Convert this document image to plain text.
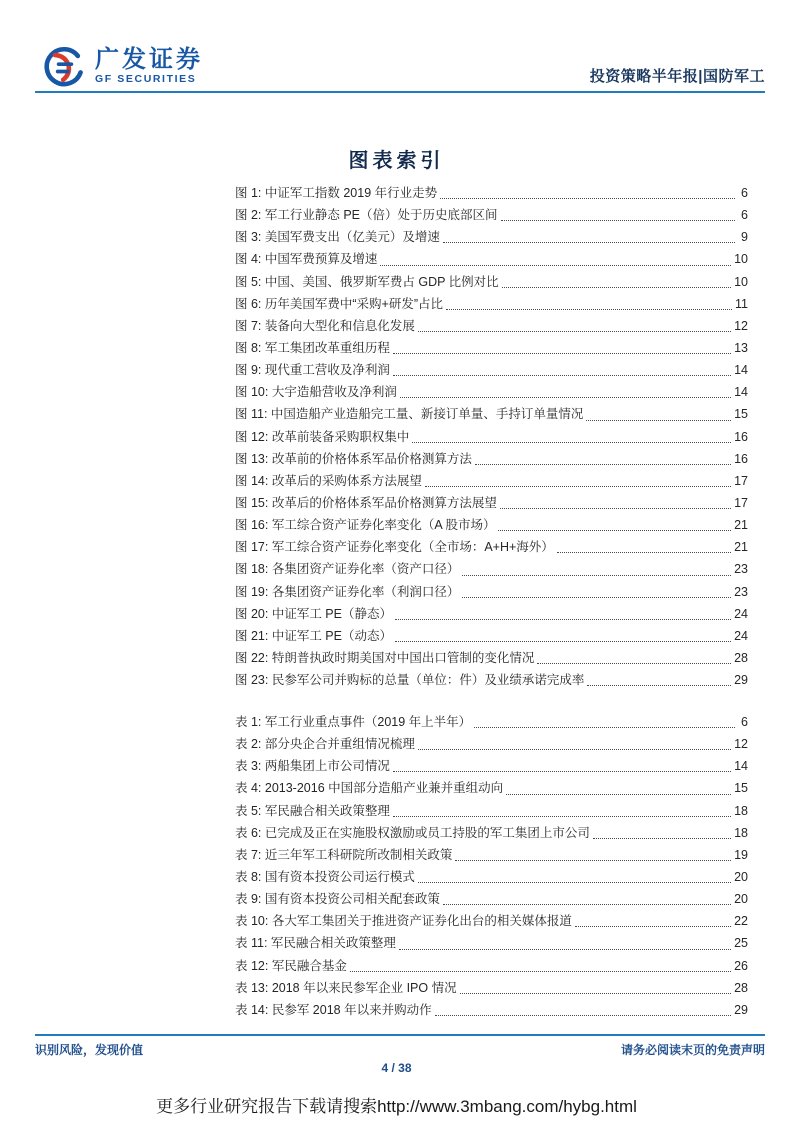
广发证券
GF SECURITIES	投资策略半年报|国防军工
图表索引
图 1: 中证军工指数 2019 年行业走势	6
图 2: 军工行业静态 PE（倍）处于历史底部区间	6
图 3: 美国军费支出（亿美元）及增速	9
图 4: 中国军费预算及增速	10
图 5: 中国、美国、俄罗斯军费占 GDP 比例对比	10
图 6: 历年美国军费中“采购+研发”占比	11
图 7: 装备向大型化和信息化发展	12
图 8: 军工集团改革重组历程	13
图 9: 现代重工营收及净利润	14
图 10: 大宇造船营收及净利润	14
图 11: 中国造船产业造船完工量、新接订单量、手持订单量情况	15
图 12: 改革前装备采购职权集中	16
图 13: 改革前的价格体系军品价格测算方法	16
图 14: 改革后的采购体系方法展望	17
图 15: 改革后的价格体系军品价格测算方法展望	17
图 16: 军工综合资产证券化率变化（A 股市场）	21
图 17: 军工综合资产证券化率变化（全市场：A+H+海外）	21
图 18: 各集团资产证券化率（资产口径）	23
图 19: 各集团资产证券化率（利润口径）	23
图 20: 中证军工 PE（静态）	24
图 21: 中证军工 PE（动态）	24
图 22: 特朗普执政时期美国对中国出口管制的变化情况	28
图 23: 民参军公司并购标的总量（单位：件）及业绩承诺完成率	29
表 1: 军工行业重点事件（2019 年上半年）	6
表 2: 部分央企合并重组情况梳理	12
表 3: 两船集团上市公司情况	14
表 4: 2013-2016 中国部分造船产业兼并重组动向	15
表 5: 军民融合相关政策整理	18
表 6: 已完成及正在实施股权激励或员工持股的军工集团上市公司	18
表 7: 近三年军工科研院所改制相关政策	19
表 8: 国有资本投资公司运行模式	20
表 9: 国有资本投资公司相关配套政策	20
表 10: 各大军工集团关于推进资产证券化出台的相关媒体报道	22
表 11: 军民融合相关政策整理	25
表 12: 军民融合基金	26
表 13: 2018 年以来民参军企业 IPO 情况	28
表 14: 民参军 2018 年以来并购动作	29
识别风险，发现价值	请务必阅读末页的免责声明
4 / 38
更多行业研究报告下载请搜索http://www.3mbang.com/hybg.html
